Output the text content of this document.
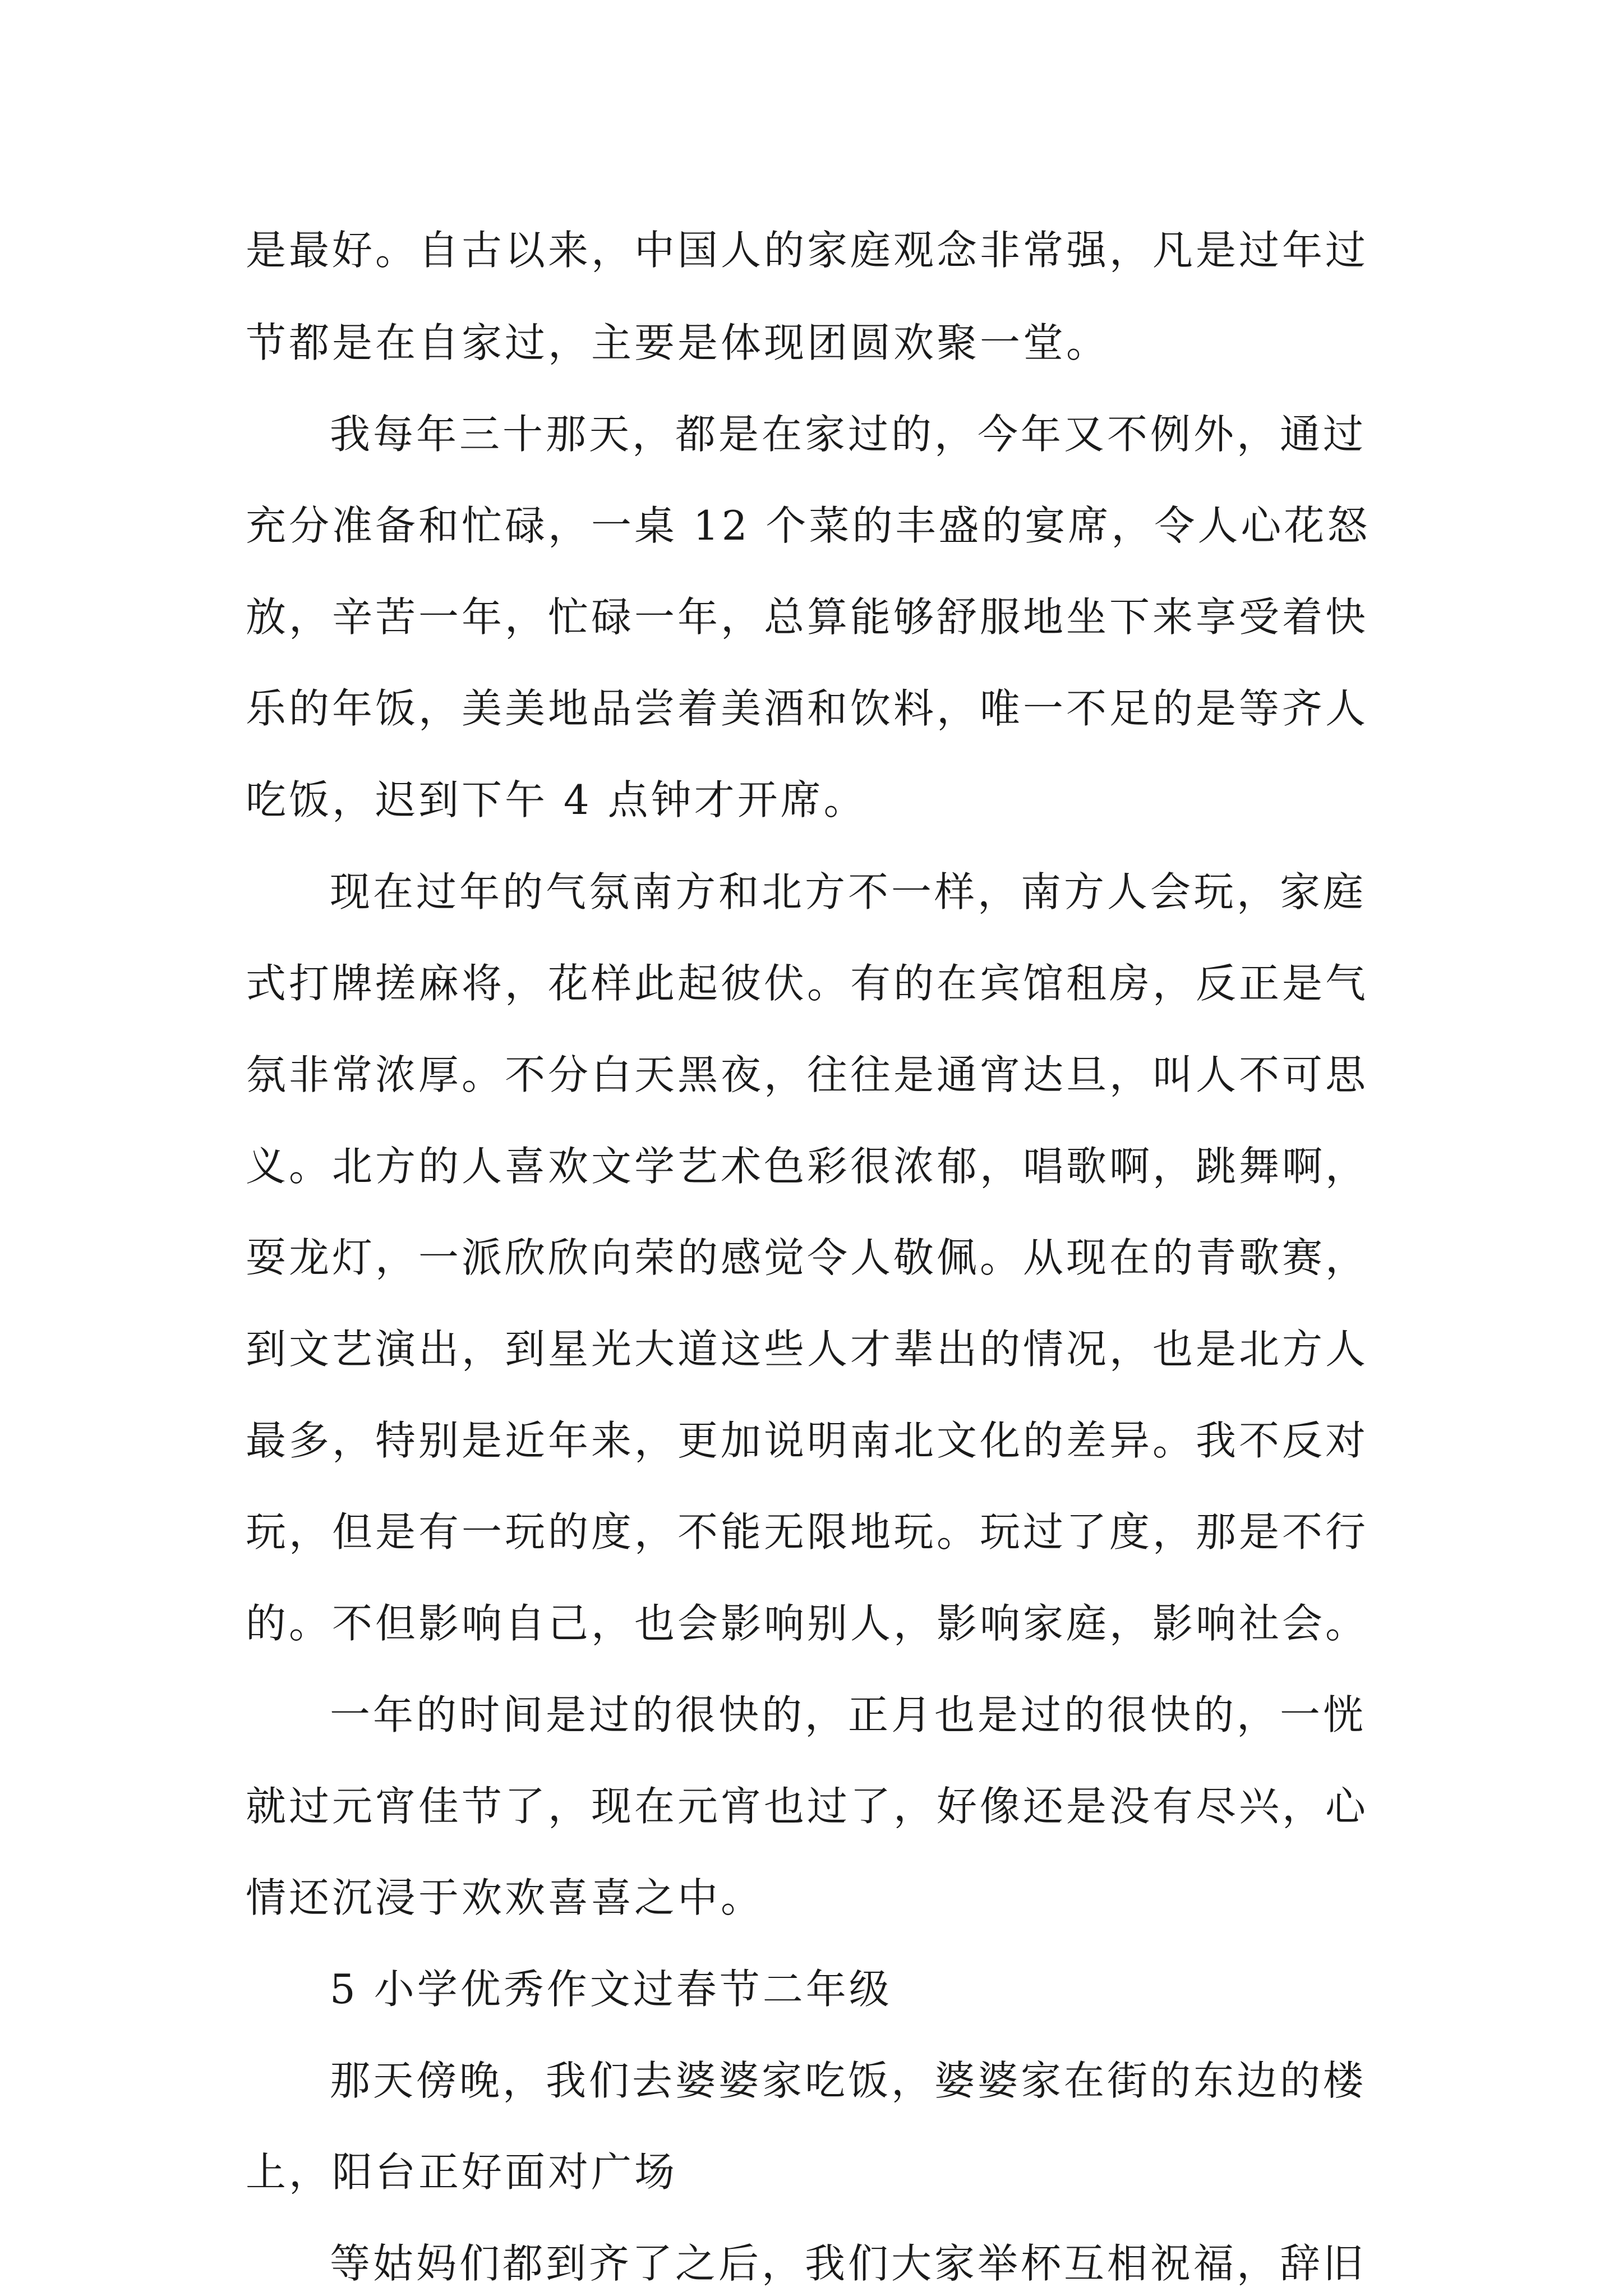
是最好。自古以来，中国人的家庭观念非常强，凡是过年过
节都是在自家过，主要是体现团圆欢聚一堂。
我每年三十那天，都是在家过的，今年又不例外，通过
充分准备和忙碌，一桌 12 个菜的丰盛的宴席，令人心花怒
放，辛苦一年，忙碌一年，总算能够舒服地坐下来享受着快
乐的年饭，美美地品尝着美酒和饮料，唯一不足的是等齐人
吃饭，迟到下午 4 点钟才开席。
现在过年的气氛南方和北方不一样，南方人会玩，家庭
式打牌搓麻将，花样此起彼伏。有的在宾馆租房，反正是气
氛非常浓厚。不分白天黑夜，往往是通宵达旦，叫人不可思
义。北方的人喜欢文学艺术色彩很浓郁，唱歌啊，跳舞啊，
耍龙灯，一派欣欣向荣的感觉令人敬佩。从现在的青歌赛，
到文艺演出，到星光大道这些人才辈出的情况，也是北方人
最多，特别是近年来，更加说明南北文化的差异。我不反对
玩，但是有一玩的度，不能无限地玩。玩过了度，那是不行
的。不但影响自己，也会影响别人，影响家庭，影响社会。
一年的时间是过的很快的，正月也是过的很快的，一恍
就过元宵佳节了，现在元宵也过了，好像还是没有尽兴，心
情还沉浸于欢欢喜喜之中。
5 小学优秀作文过春节二年级
那天傍晚，我们去婆婆家吃饭，婆婆家在街的东边的楼
上，阳台正好面对广场
等姑妈们都到齐了之后，我们大家举杯互相祝福，辞旧
